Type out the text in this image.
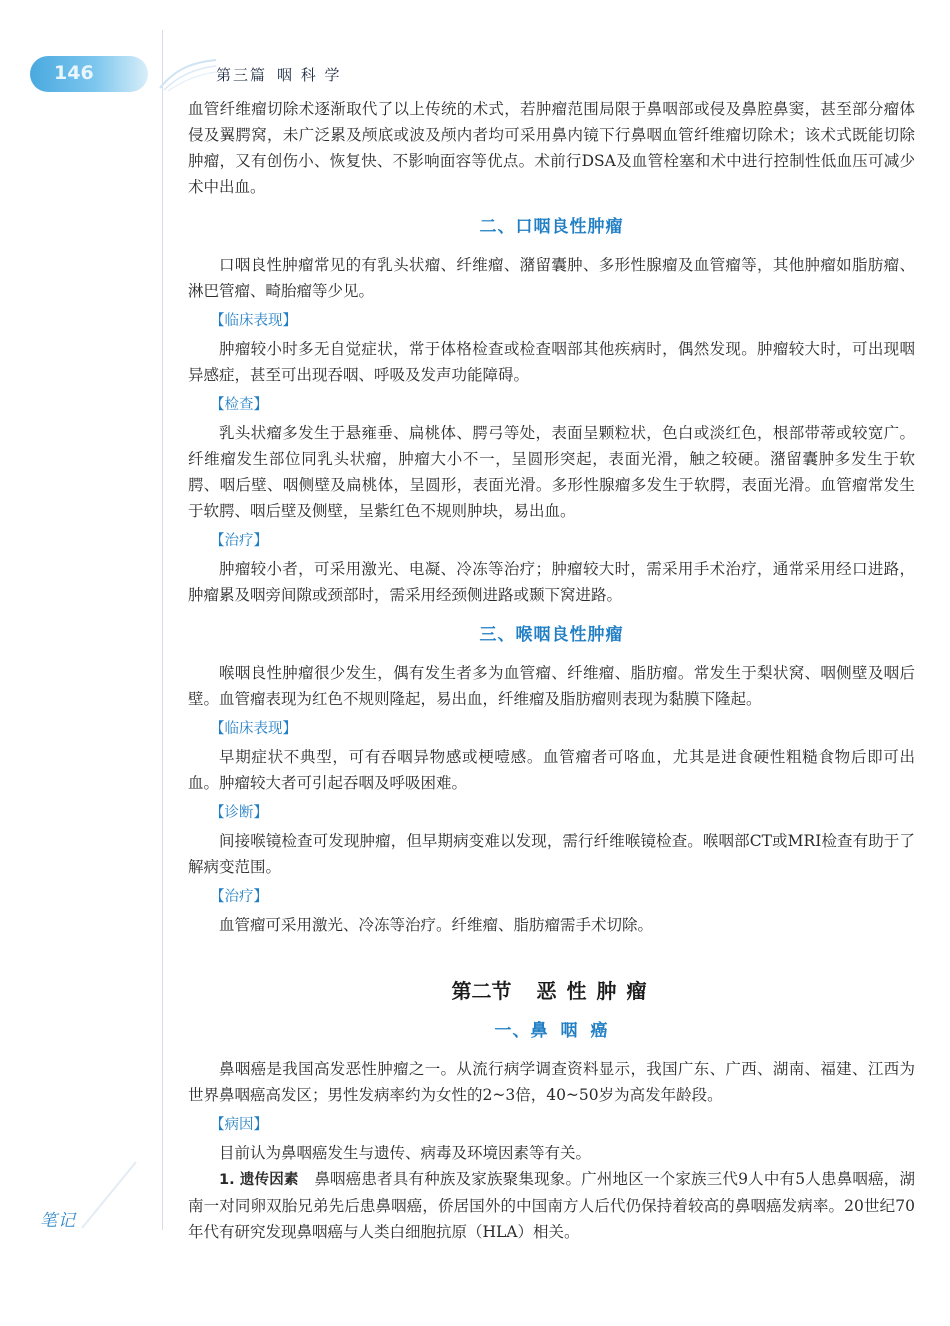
146	第三篇 咽 科 学

血管纤维瘤切除术逐渐取代了以上传统的术式，若肿瘤范围局限于鼻咽部或侵及鼻腔鼻窦，甚至部分瘤体侵及翼腭窝，未广泛累及颅底或波及颅内者均可采用鼻内镜下行鼻咽血管纤维瘤切除术；该术式既能切除肿瘤，又有创伤小、恢复快、不影响面容等优点。术前行DSA及血管栓塞和术中进行控制性低血压可减少术中出血。

二、口咽良性肿瘤

口咽良性肿瘤常见的有乳头状瘤、纤维瘤、潴留囊肿、多形性腺瘤及血管瘤等，其他肿瘤如脂肪瘤、淋巴管瘤、畸胎瘤等少见。

【临床表现】

肿瘤较小时多无自觉症状，常于体格检查或检查咽部其他疾病时，偶然发现。肿瘤较大时，可出现咽异感症，甚至可出现吞咽、呼吸及发声功能障碍。

【检查】

乳头状瘤多发生于悬雍垂、扁桃体、腭弓等处，表面呈颗粒状，色白或淡红色，根部带蒂或较宽广。纤维瘤发生部位同乳头状瘤，肿瘤大小不一，呈圆形突起，表面光滑，触之较硬。潴留囊肿多发生于软腭、咽后壁、咽侧壁及扁桃体，呈圆形，表面光滑。多形性腺瘤多发生于软腭，表面光滑。血管瘤常发生于软腭、咽后壁及侧壁，呈紫红色不规则肿块，易出血。

【治疗】

肿瘤较小者，可采用激光、电凝、冷冻等治疗；肿瘤较大时，需采用手术治疗，通常采用经口进路，肿瘤累及咽旁间隙或颈部时，需采用经颈侧进路或颞下窝进路。

三、喉咽良性肿瘤

喉咽良性肿瘤很少发生，偶有发生者多为血管瘤、纤维瘤、脂肪瘤。常发生于梨状窝、咽侧壁及咽后壁。血管瘤表现为红色不规则隆起，易出血，纤维瘤及脂肪瘤则表现为黏膜下隆起。

【临床表现】

早期症状不典型，可有吞咽异物感或梗噎感。血管瘤者可咯血，尤其是进食硬性粗糙食物后即可出血。肿瘤较大者可引起吞咽及呼吸困难。

【诊断】

间接喉镜检查可发现肿瘤，但早期病变难以发现，需行纤维喉镜检查。喉咽部CT或MRI检查有助于了解病变范围。

【治疗】

血管瘤可采用激光、冷冻等治疗。纤维瘤、脂肪瘤需手术切除。

第二节 恶 性 肿 瘤
一、鼻 咽 癌

鼻咽癌是我国高发恶性肿瘤之一。从流行病学调查资料显示，我国广东、广西、湖南、福建、江西为世界鼻咽癌高发区；男性发病率约为女性的2~3倍，40~50岁为高发年龄段。

【病因】

目前认为鼻咽癌发生与遗传、病毒及环境因素等有关。

1. 遗传因素　 鼻咽癌患者具有种族及家族聚集现象。广州地区一个家族三代9人中有5人患鼻咽癌，湖南一对同卵双胎兄弟先后患鼻咽癌，侨居国外的中国南方人后代仍保持着较高的鼻咽癌发病率。20世纪70年代有研究发现鼻咽癌与人类白细胞抗原（HLA）相关。

笔记
